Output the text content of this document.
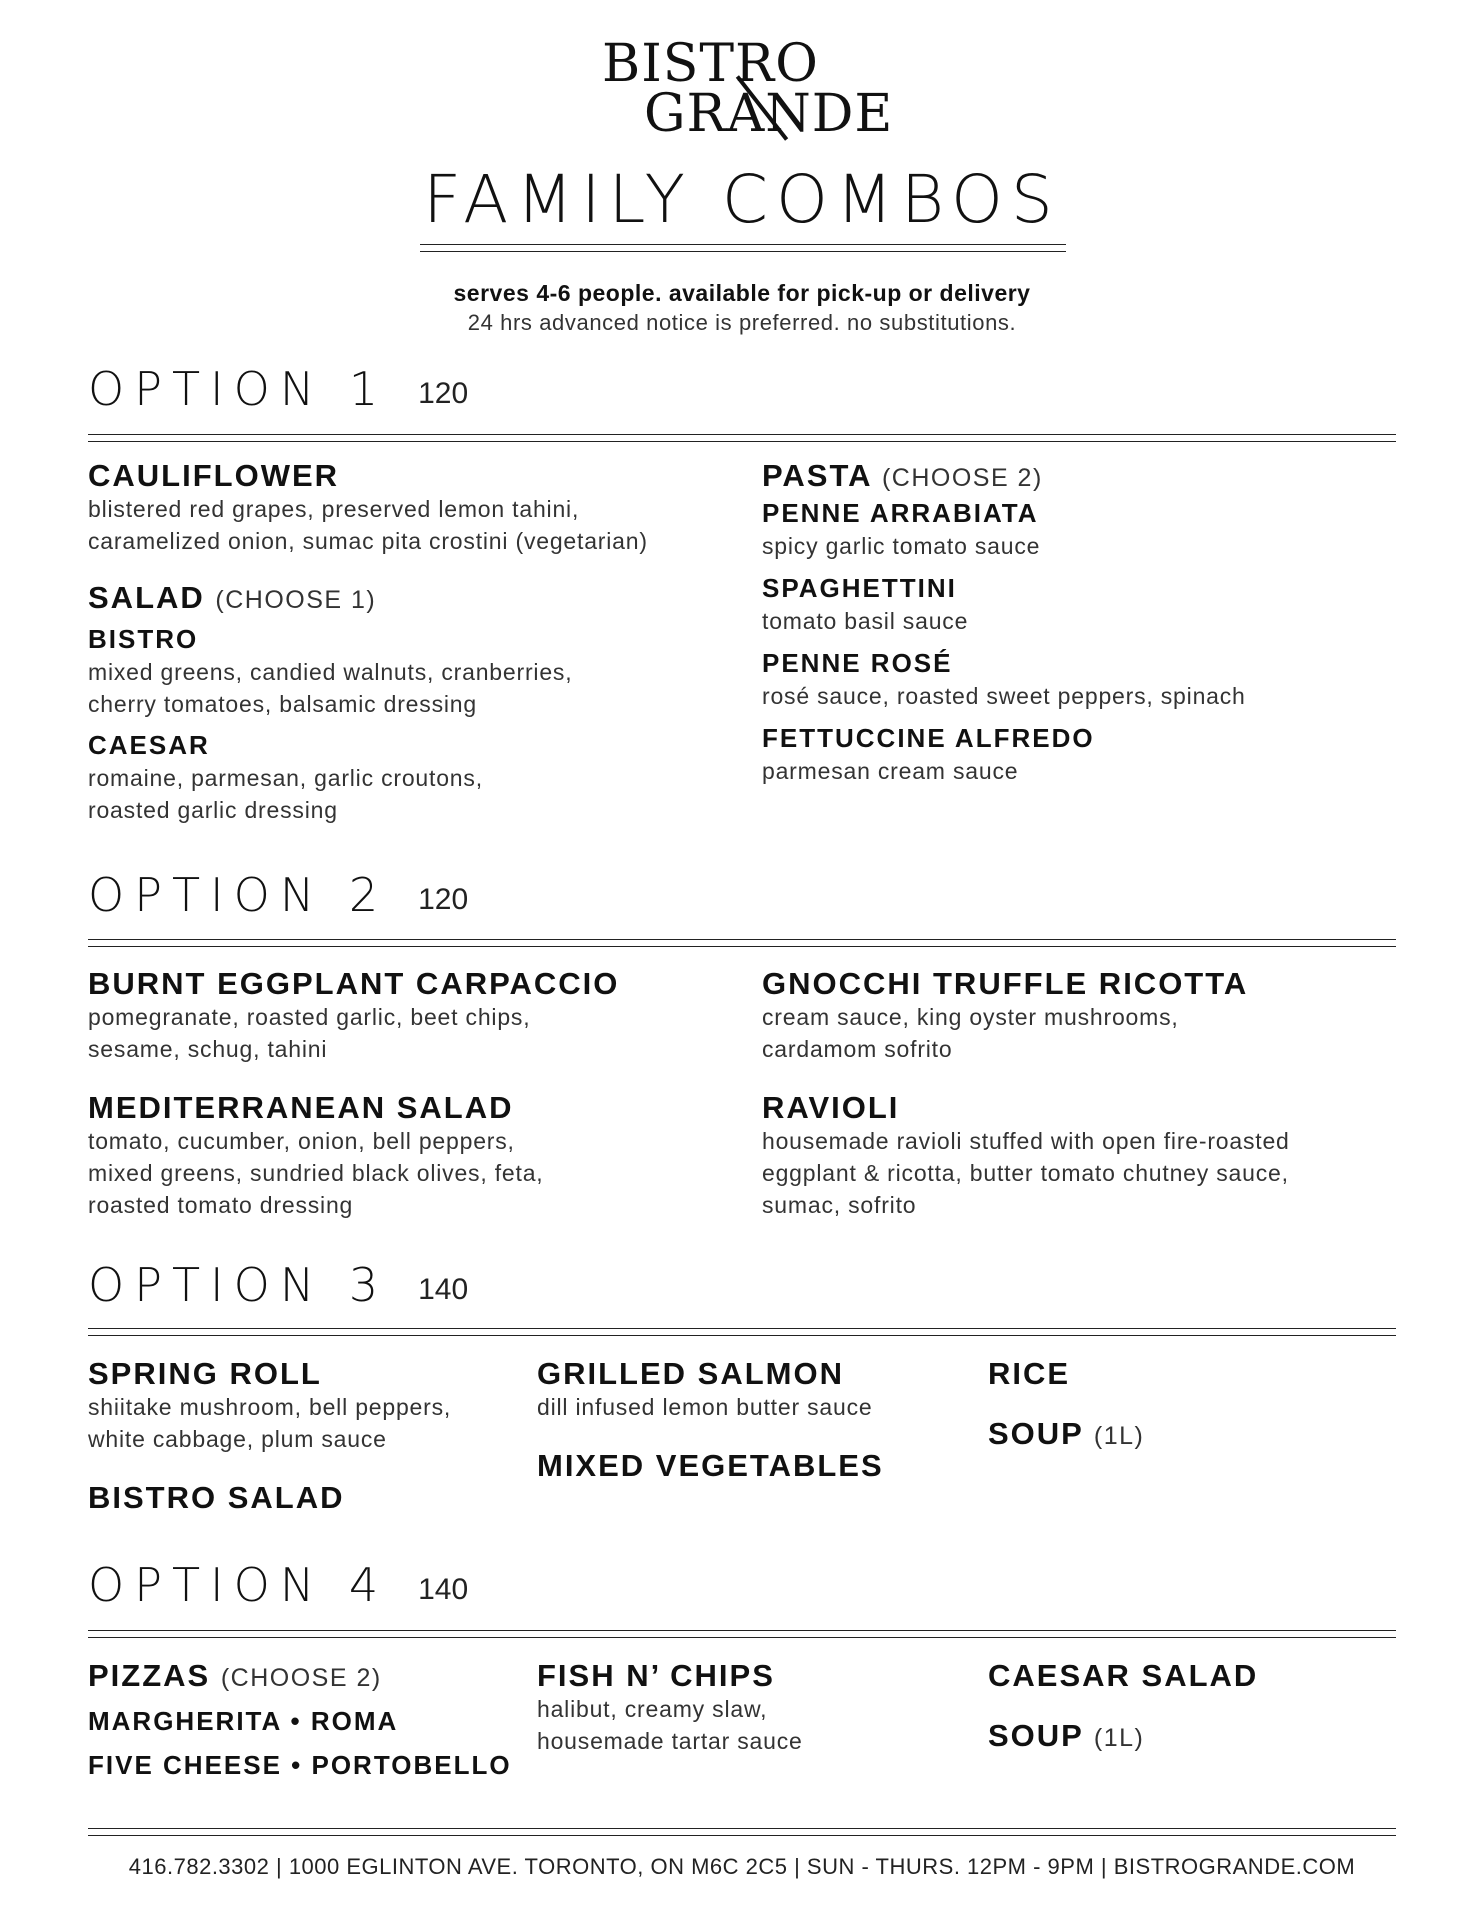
BISTRO
GRANDE
FAMILY COMBOS
serves 4-6 people. available for pick-up or delivery
24 hrs advanced notice is preferred. no substitutions.
OPTION 1 120
CAULIFLOWER
blistered red grapes, preserved lemon tahini,
caramelized onion, sumac pita crostini (vegetarian)
SALAD (CHOOSE 1)
BISTRO
mixed greens, candied walnuts, cranberries,
cherry tomatoes, balsamic dressing
CAESAR
romaine, parmesan, garlic croutons,
roasted garlic dressing
PASTA (CHOOSE 2)
PENNE ARRABIATA
spicy garlic tomato sauce
SPAGHETTINI
tomato basil sauce
PENNE ROSÉ
rosé sauce, roasted sweet peppers, spinach
FETTUCCINE ALFREDO
parmesan cream sauce
OPTION 2 120
BURNT EGGPLANT CARPACCIO
pomegranate, roasted garlic, beet chips,
sesame, schug, tahini
MEDITERRANEAN SALAD
tomato, cucumber, onion, bell peppers,
mixed greens, sundried black olives, feta,
roasted tomato dressing
GNOCCHI TRUFFLE RICOTTA
cream sauce, king oyster mushrooms,
cardamom sofrito
RAVIOLI
housemade ravioli stuffed with open fire-roasted
eggplant & ricotta, butter tomato chutney sauce,
sumac, sofrito
OPTION 3 140
SPRING ROLL
shiitake mushroom, bell peppers,
white cabbage, plum sauce
BISTRO SALAD
GRILLED SALMON
dill infused lemon butter sauce
MIXED VEGETABLES
RICE
SOUP (1L)
OPTION 4 140
PIZZAS (CHOOSE 2)
MARGHERITA • ROMA
FIVE CHEESE • PORTOBELLO
FISH N’ CHIPS
halibut, creamy slaw,
housemade tartar sauce
CAESAR SALAD
SOUP (1L)
416.782.3302 | 1000 EGLINTON AVE. TORONTO, ON M6C 2C5 | SUN - THURS. 12PM - 9PM | BISTROGRANDE.COM
